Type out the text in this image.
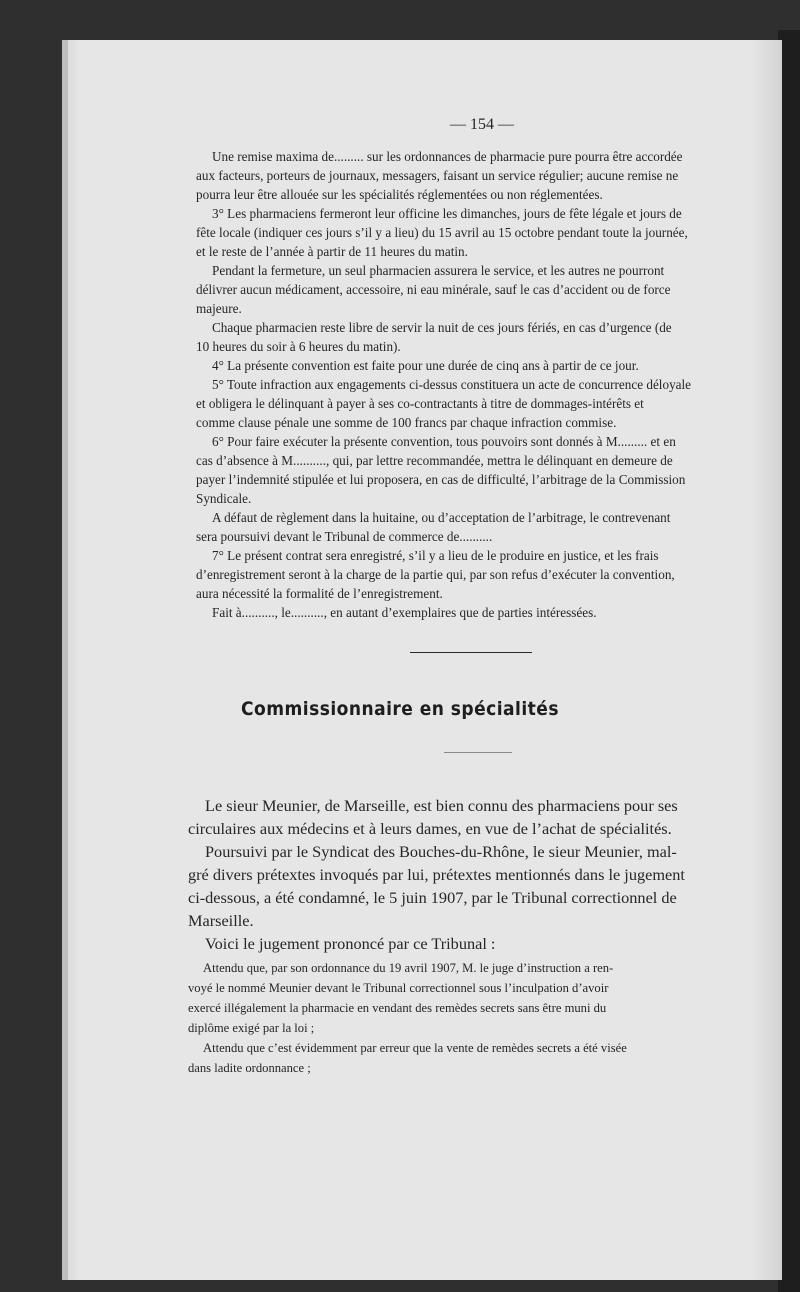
— 154 —
Une remise maxima de......... sur les ordonnances de pharmacie pure pourra être accordée
aux facteurs, porteurs de journaux, messagers, faisant un service régulier; aucune remise ne
pourra leur être allouée sur les spécialités réglementées ou non réglementées.
3° Les pharmaciens fermeront leur officine les dimanches, jours de fête légale et jours de
fête locale (indiquer ces jours s’il y a lieu) du 15 avril au 15 octobre pendant toute la journée,
et le reste de l’année à partir de 11 heures du matin.
Pendant la fermeture, un seul pharmacien assurera le service, et les autres ne pourront
délivrer aucun médicament, accessoire, ni eau minérale, sauf le cas d’accident ou de force
majeure.
Chaque pharmacien reste libre de servir la nuit de ces jours fériés, en cas d’urgence (de
10 heures du soir à 6 heures du matin).
4° La présente convention est faite pour une durée de cinq ans à partir de ce jour.
5° Toute infraction aux engagements ci-dessus constituera un acte de concurrence déloyale
et obligera le délinquant à payer à ses co-contractants à titre de dommages-intérêts et
comme clause pénale une somme de 100 francs par chaque infraction commise.
6° Pour faire exécuter la présente convention, tous pouvoirs sont donnés à M......... et en
cas d’absence à M.........., qui, par lettre recommandée, mettra le délinquant en demeure de
payer l’indemnité stipulée et lui proposera, en cas de difficulté, l’arbitrage de la Commission
Syndicale.
A défaut de règlement dans la huitaine, ou d’acceptation de l’arbitrage, le contrevenant
sera poursuivi devant le Tribunal de commerce de..........
7° Le présent contrat sera enregistré, s’il y a lieu de le produire en justice, et les frais
d’enregistrement seront à la charge de la partie qui, par son refus d’exécuter la convention,
aura nécessité la formalité de l’enregistrement.
Fait à.........., le.........., en autant d’exemplaires que de parties intéressées.
Commissionnaire en spécialités
Le sieur Meunier, de Marseille, est bien connu des pharmaciens pour ses
circulaires aux médecins et à leurs dames, en vue de l’achat de spécialités.
Poursuivi par le Syndicat des Bouches-du-Rhône, le sieur Meunier, mal-
gré divers prétextes invoqués par lui, prétextes mentionnés dans le jugement
ci-dessous, a été condamné, le 5 juin 1907, par le Tribunal correctionnel de
Marseille.
Voici le jugement prononcé par ce Tribunal :
Attendu que, par son ordonnance du 19 avril 1907, M. le juge d’instruction a ren-
voyé le nommé Meunier devant le Tribunal correctionnel sous l’inculpation d’avoir
exercé illégalement la pharmacie en vendant des remèdes secrets sans être muni du
diplôme exigé par la loi ;
Attendu que c’est évidemment par erreur que la vente de remèdes secrets a été visée
dans ladite ordonnance ;
